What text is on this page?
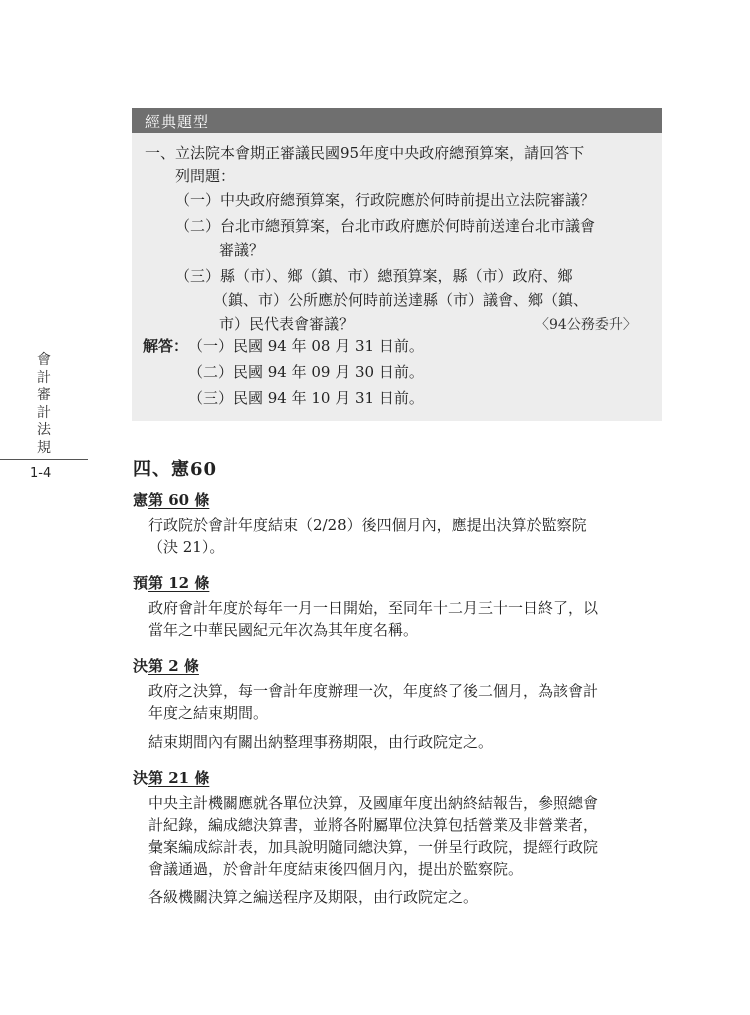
會
計
審
計
法
規
1-4
經典題型
一、立法院本會期正審議民國95年度中央政府總預算案，請回答下
列問題：
（一）中央政府總預算案，行政院應於何時前提出立法院審議？
（二）台北市總預算案，台北市政府應於何時前送達台北市議會
審議？
（三）縣（市）、鄉（鎮、市）總預算案，縣（市）政府、鄉
（鎮、市）公所應於何時前送達縣（市）議會、鄉（鎮、
市）民代表會審議？	〈94公務委升〉
解答： （一）民國 94 年 08 月 31 日前。
（二）民國 94 年 09 月 30 日前。
（三）民國 94 年 10 月 31 日前。
四、憲60
憲第 60 條
行政院於會計年度結束（2/28）後四個月內，應提出決算於監察院
（決 21）。
預第 12 條
政府會計年度於每年一月一日開始，至同年十二月三十一日終了，以
當年之中華民國紀元年次為其年度名稱。
決第 2 條
政府之決算，每一會計年度辦理一次，年度終了後二個月，為該會計
年度之結束期間。
結束期間內有關出納整理事務期限，由行政院定之。
決第 21 條
中央主計機關應就各單位決算，及國庫年度出納終結報告，參照總會
計紀錄，編成總決算書，並將各附屬單位決算包括營業及非營業者，
彙案編成綜計表，加具說明隨同總決算，一併呈行政院，提經行政院
會議通過，於會計年度結束後四個月內，提出於監察院。
各級機關決算之編送程序及期限，由行政院定之。
